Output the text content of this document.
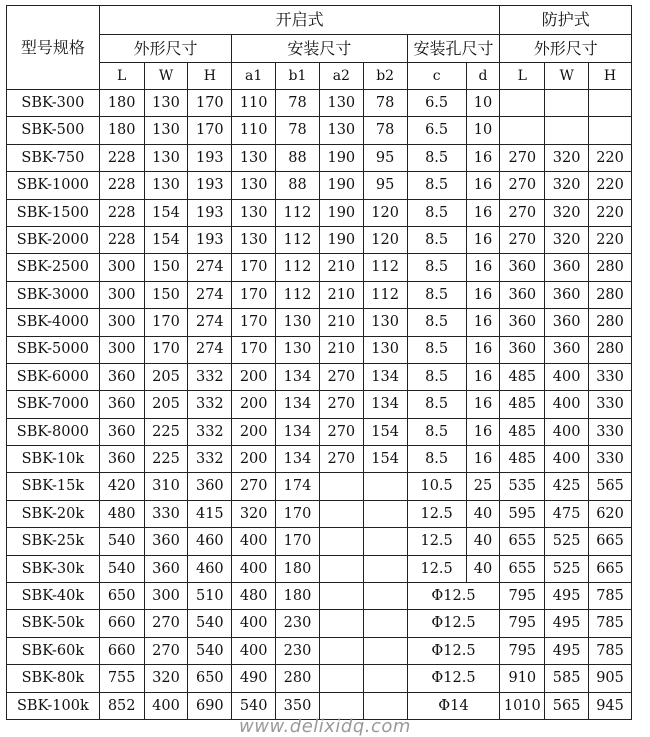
型号规格	开启式									防护式		
	外形尺寸			安装尺寸				安装孔尺寸		外形尺寸		
	L	W	H	a1	b1	a2	b2	c	d	L	W	H
SBK-300	180	130	170	110	78	130	78	6.5	10			
SBK-500	180	130	170	110	78	130	78	6.5	10			
SBK-750	228	130	193	130	88	190	95	8.5	16	270	320	220
SBK-1000	228	130	193	130	88	190	95	8.5	16	270	320	220
SBK-1500	228	154	193	130	112	190	120	8.5	16	270	320	220
SBK-2000	228	154	193	130	112	190	120	8.5	16	270	320	220
SBK-2500	300	150	274	170	112	210	112	8.5	16	360	360	280
SBK-3000	300	150	274	170	112	210	112	8.5	16	360	360	280
SBK-4000	300	170	274	170	130	210	130	8.5	16	360	360	280
SBK-5000	300	170	274	170	130	210	130	8.5	16	360	360	280
SBK-6000	360	205	332	200	134	270	134	8.5	16	485	400	330
SBK-7000	360	205	332	200	134	270	134	8.5	16	485	400	330
SBK-8000	360	225	332	200	134	270	154	8.5	16	485	400	330
SBK-10k	360	225	332	200	134	270	154	8.5	16	485	400	330
SBK-15k	420	310	360	270	174			10.5	25	535	425	565
SBK-20k	480	330	415	320	170			12.5	40	595	475	620
SBK-25k	540	360	460	400	170			12.5	40	655	525	665
SBK-30k	540	360	460	400	180			12.5	40	655	525	665
SBK-40k	650	300	510	480	180			Φ12.5		795	495	785
SBK-50k	660	270	540	400	230			Φ12.5		795	495	785
SBK-60k	660	270	540	400	230			Φ12.5		795	495	785
SBK-80k	755	320	650	490	280			Φ12.5		910	585	905
SBK-100k	852	400	690	540	350			Φ14		1010	565	945
www.delixidq.com
